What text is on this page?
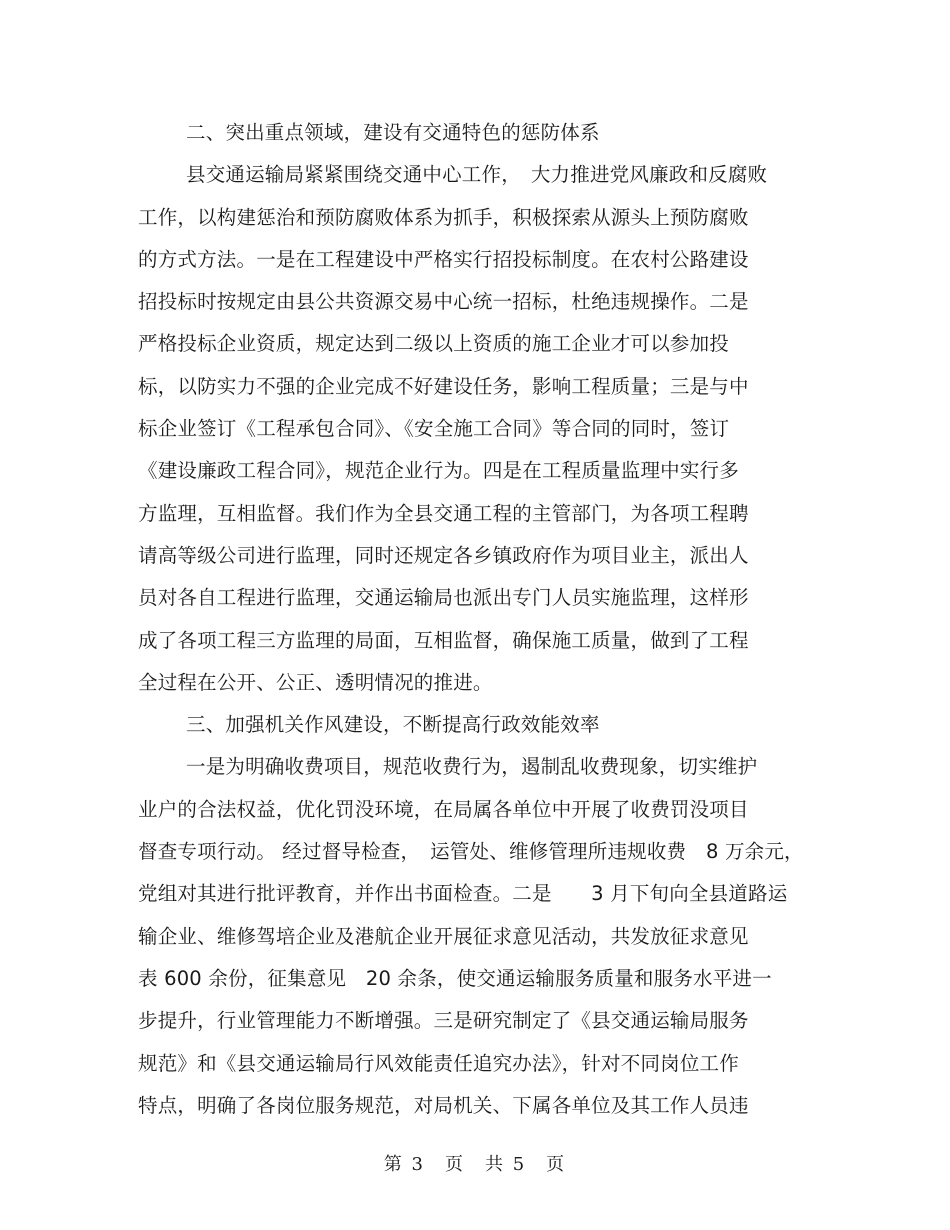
二、突出重点领域，建设有交通特色的惩防体系
县交通运输局紧紧围绕交通中心工作，　大力推进党风廉政和反腐败
工作，以构建惩治和预防腐败体系为抓手，积极探索从源头上预防腐败
的方式方法。一是在工程建设中严格实行招投标制度。在农村公路建设
招投标时按规定由县公共资源交易中心统一招标，杜绝违规操作。二是
严格投标企业资质，规定达到二级以上资质的施工企业才可以参加投
标，以防实力不强的企业完成不好建设任务，影响工程质量；三是与中
标企业签订《工程承包合同》、《安全施工合同》等合同的同时，签订
《建设廉政工程合同》，规范企业行为。四是在工程质量监理中实行多
方监理，互相监督。我们作为全县交通工程的主管部门，为各项工程聘
请高等级公司进行监理，同时还规定各乡镇政府作为项目业主，派出人
员对各自工程进行监理，交通运输局也派出专门人员实施监理，这样形
成了各项工程三方监理的局面，互相监督，确保施工质量，做到了工程
全过程在公开、公正、透明情况的推进。
三、加强机关作风建设，不断提高行政效能效率
一是为明确收费项目，规范收费行为，遏制乱收费现象，切实维护
业户的合法权益，优化罚没环境，在局属各单位中开展了收费罚没项目
督查专项行动。 经过督导检查，　运管处、维修管理所违规收费　8 万余元，
党组对其进行批评教育，并作出书面检查。二是　　3 月下旬向全县道路运
输企业、维修驾培企业及港航企业开展征求意见活动，共发放征求意见
表 600 余份，征集意见　20 余条，使交通运输服务质量和服务水平进一
步提升，行业管理能力不断增强。三是研究制定了《县交通运输局服务
规范》和《县交通运输局行风效能责任追究办法》，针对不同岗位工作
特点，明确了各岗位服务规范，对局机关、下属各单位及其工作人员违
第 3　页　共 5　页
